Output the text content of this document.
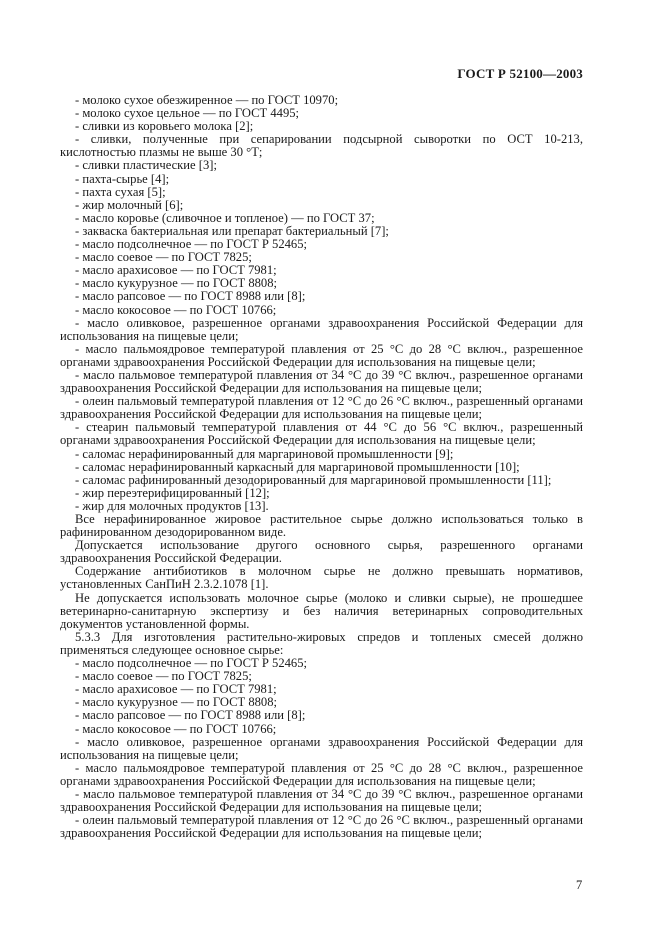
ГОСТ Р 52100—2003

- молоко сухое обезжиренное — по ГОСТ 10970;

- молоко сухое цельное — по ГОСТ 4495;

- сливки из коровьего молока [2];

- сливки, полученные при сепарировании подсырной сыворотки по ОСТ 10-213, кислотностью плазмы не выше 30 °Т;

- сливки пластические [3];

- пахта-сырье [4];

- пахта сухая [5];

- жир молочный [6];

- масло коровье (сливочное и топленое) — по ГОСТ 37;

- закваска бактериальная или препарат бактериальный [7];

- масло подсолнечное — по ГОСТ Р 52465;

- масло соевое — по ГОСТ 7825;

- масло арахисовое — по ГОСТ 7981;

- масло кукурузное — по ГОСТ 8808;

- масло рапсовое — по ГОСТ 8988 или [8];

- масло кокосовое — по ГОСТ 10766;

- масло оливковое, разрешенное органами здравоохранения Российской Федерации для использования на пищевые цели;

- масло пальмоядровое температурой плавления от 25 °С до 28 °С включ., разрешенное органами здравоохранения Российской Федерации для использования на пищевые цели;

- масло пальмовое температурой плавления от 34 °С до 39 °С включ., разрешенное органами здравоохранения Российской Федерации для использования на пищевые цели;

- олеин пальмовый температурой плавления от 12 °С до 26 °С включ., разрешенный органами здравоохранения Российской Федерации для использования на пищевые цели;

- стеарин пальмовый температурой плавления от 44 °С до 56 °С включ., разрешенный органами здравоохранения Российской Федерации для использования на пищевые цели;

- саломас нерафинированный для маргариновой промышленности [9];

- саломас нерафинированный каркасный для маргариновой промышленности [10];

- саломас рафинированный дезодорированный для маргариновой промышленности [11];

- жир переэтерифицированный [12];

- жир для молочных продуктов [13].

Все нерафинированное жировое растительное сырье должно использоваться только в рафинированном дезодорированном виде.

Допускается использование другого основного сырья, разрешенного органами здравоохранения Российской Федерации.

Содержание антибиотиков в молочном сырье не должно превышать нормативов, установленных СанПиН 2.3.2.1078 [1].

Не допускается использовать молочное сырье (молоко и сливки сырые), не прошедшее ветеринарно-санитарную экспертизу и без наличия ветеринарных сопроводительных документов установленной формы.

5.3.3 Для изготовления растительно-жировых спредов и топленых смесей должно применяться следующее основное сырье:

- масло подсолнечное — по ГОСТ Р 52465;

- масло соевое — по ГОСТ 7825;

- масло арахисовое — по ГОСТ 7981;

- масло кукурузное — по ГОСТ 8808;

- масло рапсовое — по ГОСТ 8988 или [8];

- масло кокосовое — по ГОСТ 10766;

- масло оливковое, разрешенное органами здравоохранения Российской Федерации для использования на пищевые цели;

- масло пальмоядровое температурой плавления от 25 °С до 28 °С включ., разрешенное органами здравоохранения Российской Федерации для использования на пищевые цели;

- масло пальмовое температурой плавления от 34 °С до 39 °С включ., разрешенное органами здравоохранения Российской Федерации для использования на пищевые цели;

- олеин пальмовый температурой плавления от 12 °С до 26 °С включ., разрешенный органами здравоохранения Российской Федерации для использования на пищевые цели;

7
